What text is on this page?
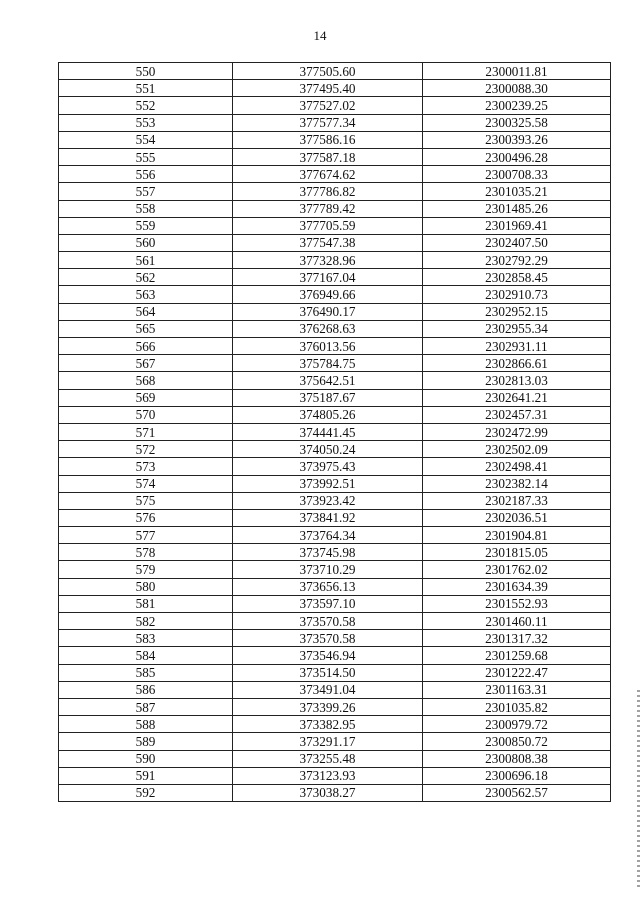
14
550	377505.60	2300011.81
551	377495.40	2300088.30
552	377527.02	2300239.25
553	377577.34	2300325.58
554	377586.16	2300393.26
555	377587.18	2300496.28
556	377674.62	2300708.33
557	377786.82	2301035.21
558	377789.42	2301485.26
559	377705.59	2301969.41
560	377547.38	2302407.50
561	377328.96	2302792.29
562	377167.04	2302858.45
563	376949.66	2302910.73
564	376490.17	2302952.15
565	376268.63	2302955.34
566	376013.56	2302931.11
567	375784.75	2302866.61
568	375642.51	2302813.03
569	375187.67	2302641.21
570	374805.26	2302457.31
571	374441.45	2302472.99
572	374050.24	2302502.09
573	373975.43	2302498.41
574	373992.51	2302382.14
575	373923.42	2302187.33
576	373841.92	2302036.51
577	373764.34	2301904.81
578	373745.98	2301815.05
579	373710.29	2301762.02
580	373656.13	2301634.39
581	373597.10	2301552.93
582	373570.58	2301460.11
583	373570.58	2301317.32
584	373546.94	2301259.68
585	373514.50	2301222.47
586	373491.04	2301163.31
587	373399.26	2301035.82
588	373382.95	2300979.72
589	373291.17	2300850.72
590	373255.48	2300808.38
591	373123.93	2300696.18
592	373038.27	2300562.57
